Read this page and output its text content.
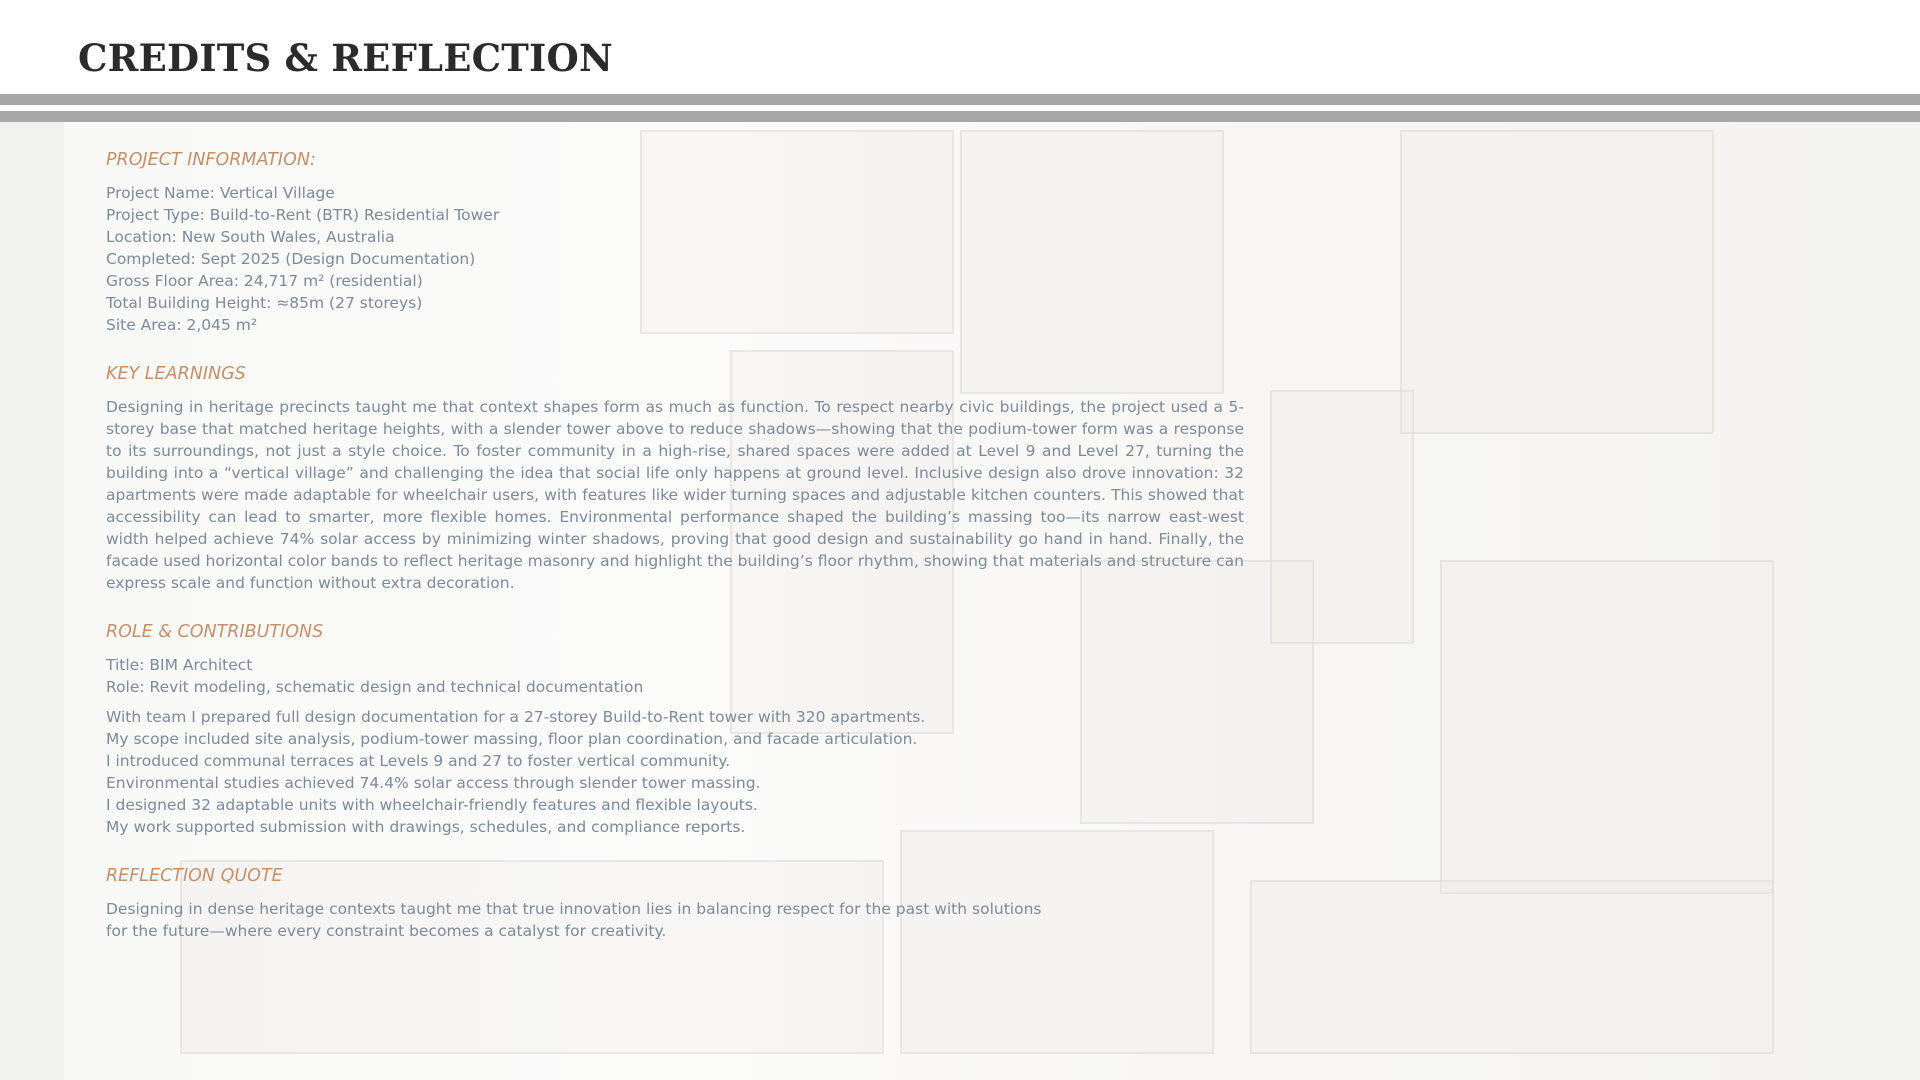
CREDITS & REFLECTION
PROJECT INFORMATION:
Project Name: Vertical Village
Project Type: Build-to-Rent (BTR) Residential Tower
Location: New South Wales, Australia
Completed: Sept 2025 (Design Documentation)
Gross Floor Area: 24,717 m² (residential)
Total Building Height: ≈85m (27 storeys)
Site Area: 2,045 m²
KEY LEARNINGS

Designing in heritage precincts taught me that context shapes form as much as function. To respect nearby civic buildings, the project used a 5-storey base that matched heritage heights, with a slender tower above to reduce shadows—showing that the podium-tower form was a response to its surroundings, not just a style choice. To foster community in a high-rise, shared spaces were added at Level 9 and Level 27, turning the building into a “vertical village” and challenging the idea that social life only happens at ground level. Inclusive design also drove innovation: 32 apartments were made adaptable for wheelchair users, with features like wider turning spaces and adjustable kitchen counters. This showed that accessibility can lead to smarter, more flexible homes. Environmental performance shaped the building’s massing too—its narrow east-west width helped achieve 74% solar access by minimizing winter shadows, proving that good design and sustainability go hand in hand. Finally, the facade used horizontal color bands to reflect heritage masonry and highlight the building’s floor rhythm, showing that materials and structure can express scale and function without extra decoration.

ROLE & CONTRIBUTIONS
Title: BIM Architect
Role: Revit modeling, schematic design and technical documentation
With team I prepared full design documentation for a 27-storey Build-to-Rent tower with 320 apartments.
My scope included site analysis, podium-tower massing, floor plan coordination, and facade articulation.
I introduced communal terraces at Levels 9 and 27 to foster vertical community.
Environmental studies achieved 74.4% solar access through slender tower massing.
I designed 32 adaptable units with wheelchair-friendly features and flexible layouts.
My work supported submission with drawings, schedules, and compliance reports.
REFLECTION QUOTE
Designing in dense heritage contexts taught me that true innovation lies in balancing respect for the past with solutions
for the future—where every constraint becomes a catalyst for creativity.
